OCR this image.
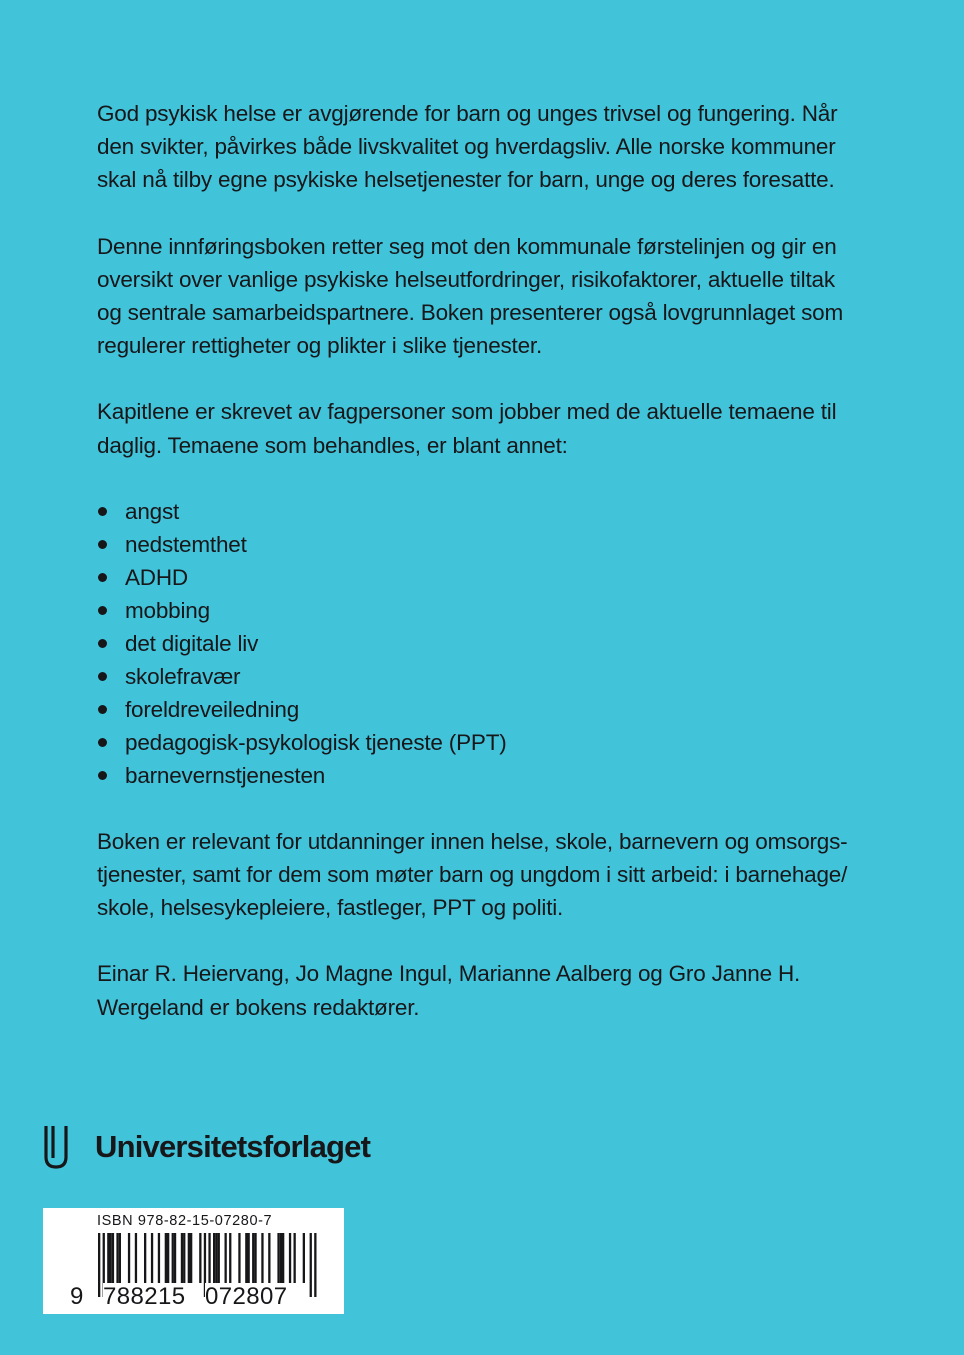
God psykisk helse er avgjørende for barn og unges trivsel og fungering. Når
den svikter, påvirkes både livskvalitet og hverdagsliv. Alle norske kommuner
skal nå tilby egne psykiske helsetjenester for barn, unge og deres foresatte.

Denne innføringsboken retter seg mot den kommunale førstelinjen og gir en
oversikt over vanlige psykiske helseutfordringer, risikofaktorer, aktuelle tiltak
og sentrale samarbeidspartnere. Boken presenterer også lovgrunnlaget som
regulerer rettigheter og plikter i slike tjenester.

Kapitlene er skrevet av fagpersoner som jobber med de aktuelle temaene til
daglig. Temaene som behandles, er blant annet:

angst
nedstemthet
ADHD
mobbing
det digitale liv
skolefravær
foreldreveiledning
pedagogisk-psykologisk tjeneste (PPT)
barnevernstjenesten

Boken er relevant for utdanninger innen helse, skole, barnevern og omsorgs-
tjenester, samt for dem som møter barn og ungdom i sitt arbeid: i barnehage/
skole, helsesykepleiere, fastleger, PPT og politi.

Einar R. Heiervang, Jo Magne Ingul, Marianne Aalberg og Gro Janne H.
Wergeland er bokens redaktører.

Universitetsforlaget
ISBN 978-82-15-07280-7
9 788215 072807
